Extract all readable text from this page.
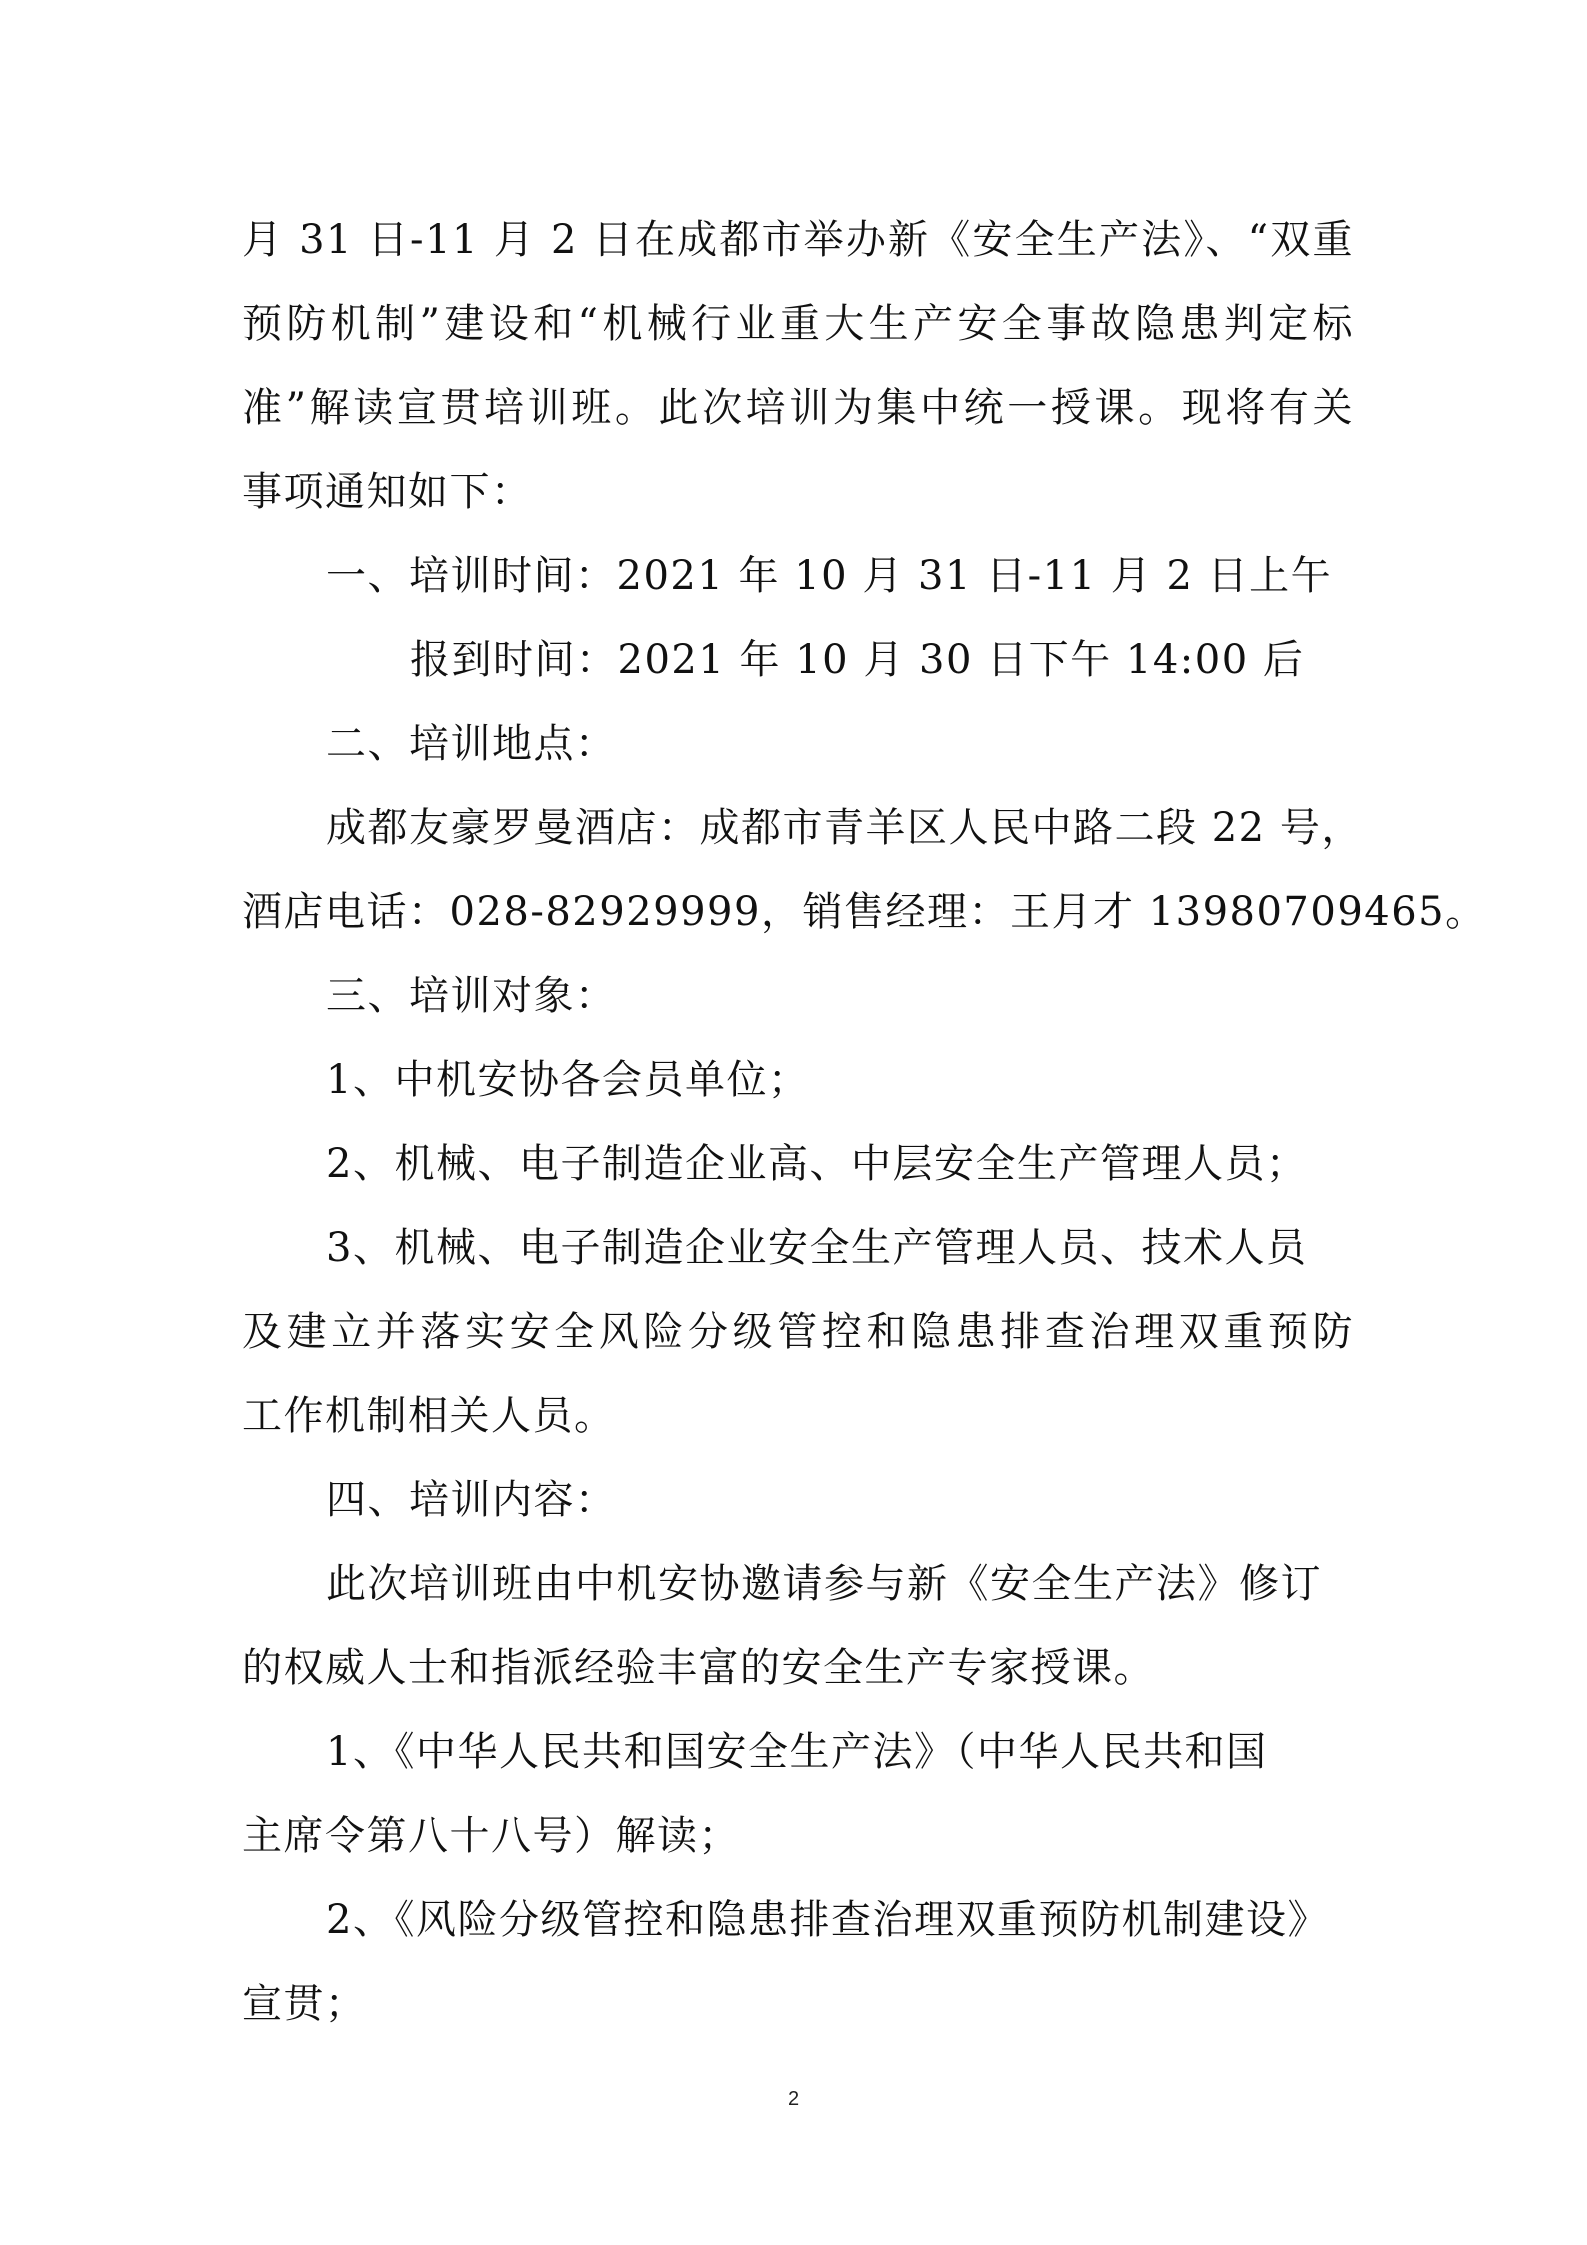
月 31 日-11 月 2 日在成都市举办新《安全生产法》、“双重
预防机制”建设和“机械行业重大生产安全事故隐患判定标
准”解读宣贯培训班。此次培训为集中统一授课。现将有关
事项通知如下：
一、培训时间：2021 年 10 月 31 日-11 月 2 日上午
报到时间：2021 年 10 月 30 日下午 14:00 后
二、培训地点：
成都友豪罗曼酒店：成都市青羊区人民中路二段 22 号，
酒店电话：028-82929999，销售经理：王月才 13980709465。
三、培训对象：
1、中机安协各会员单位；
2、机械、电子制造企业高、中层安全生产管理人员；
3、机械、电子制造企业安全生产管理人员、技术人员
及建立并落实安全风险分级管控和隐患排查治理双重预防
工作机制相关人员。
四、培训内容：
此次培训班由中机安协邀请参与新《安全生产法》修订
的权威人士和指派经验丰富的安全生产专家授课。
1、《中华人民共和国安全生产法》（中华人民共和国
主席令第八十八号）解读；
2、《风险分级管控和隐患排查治理双重预防机制建设》
宣贯；
2
